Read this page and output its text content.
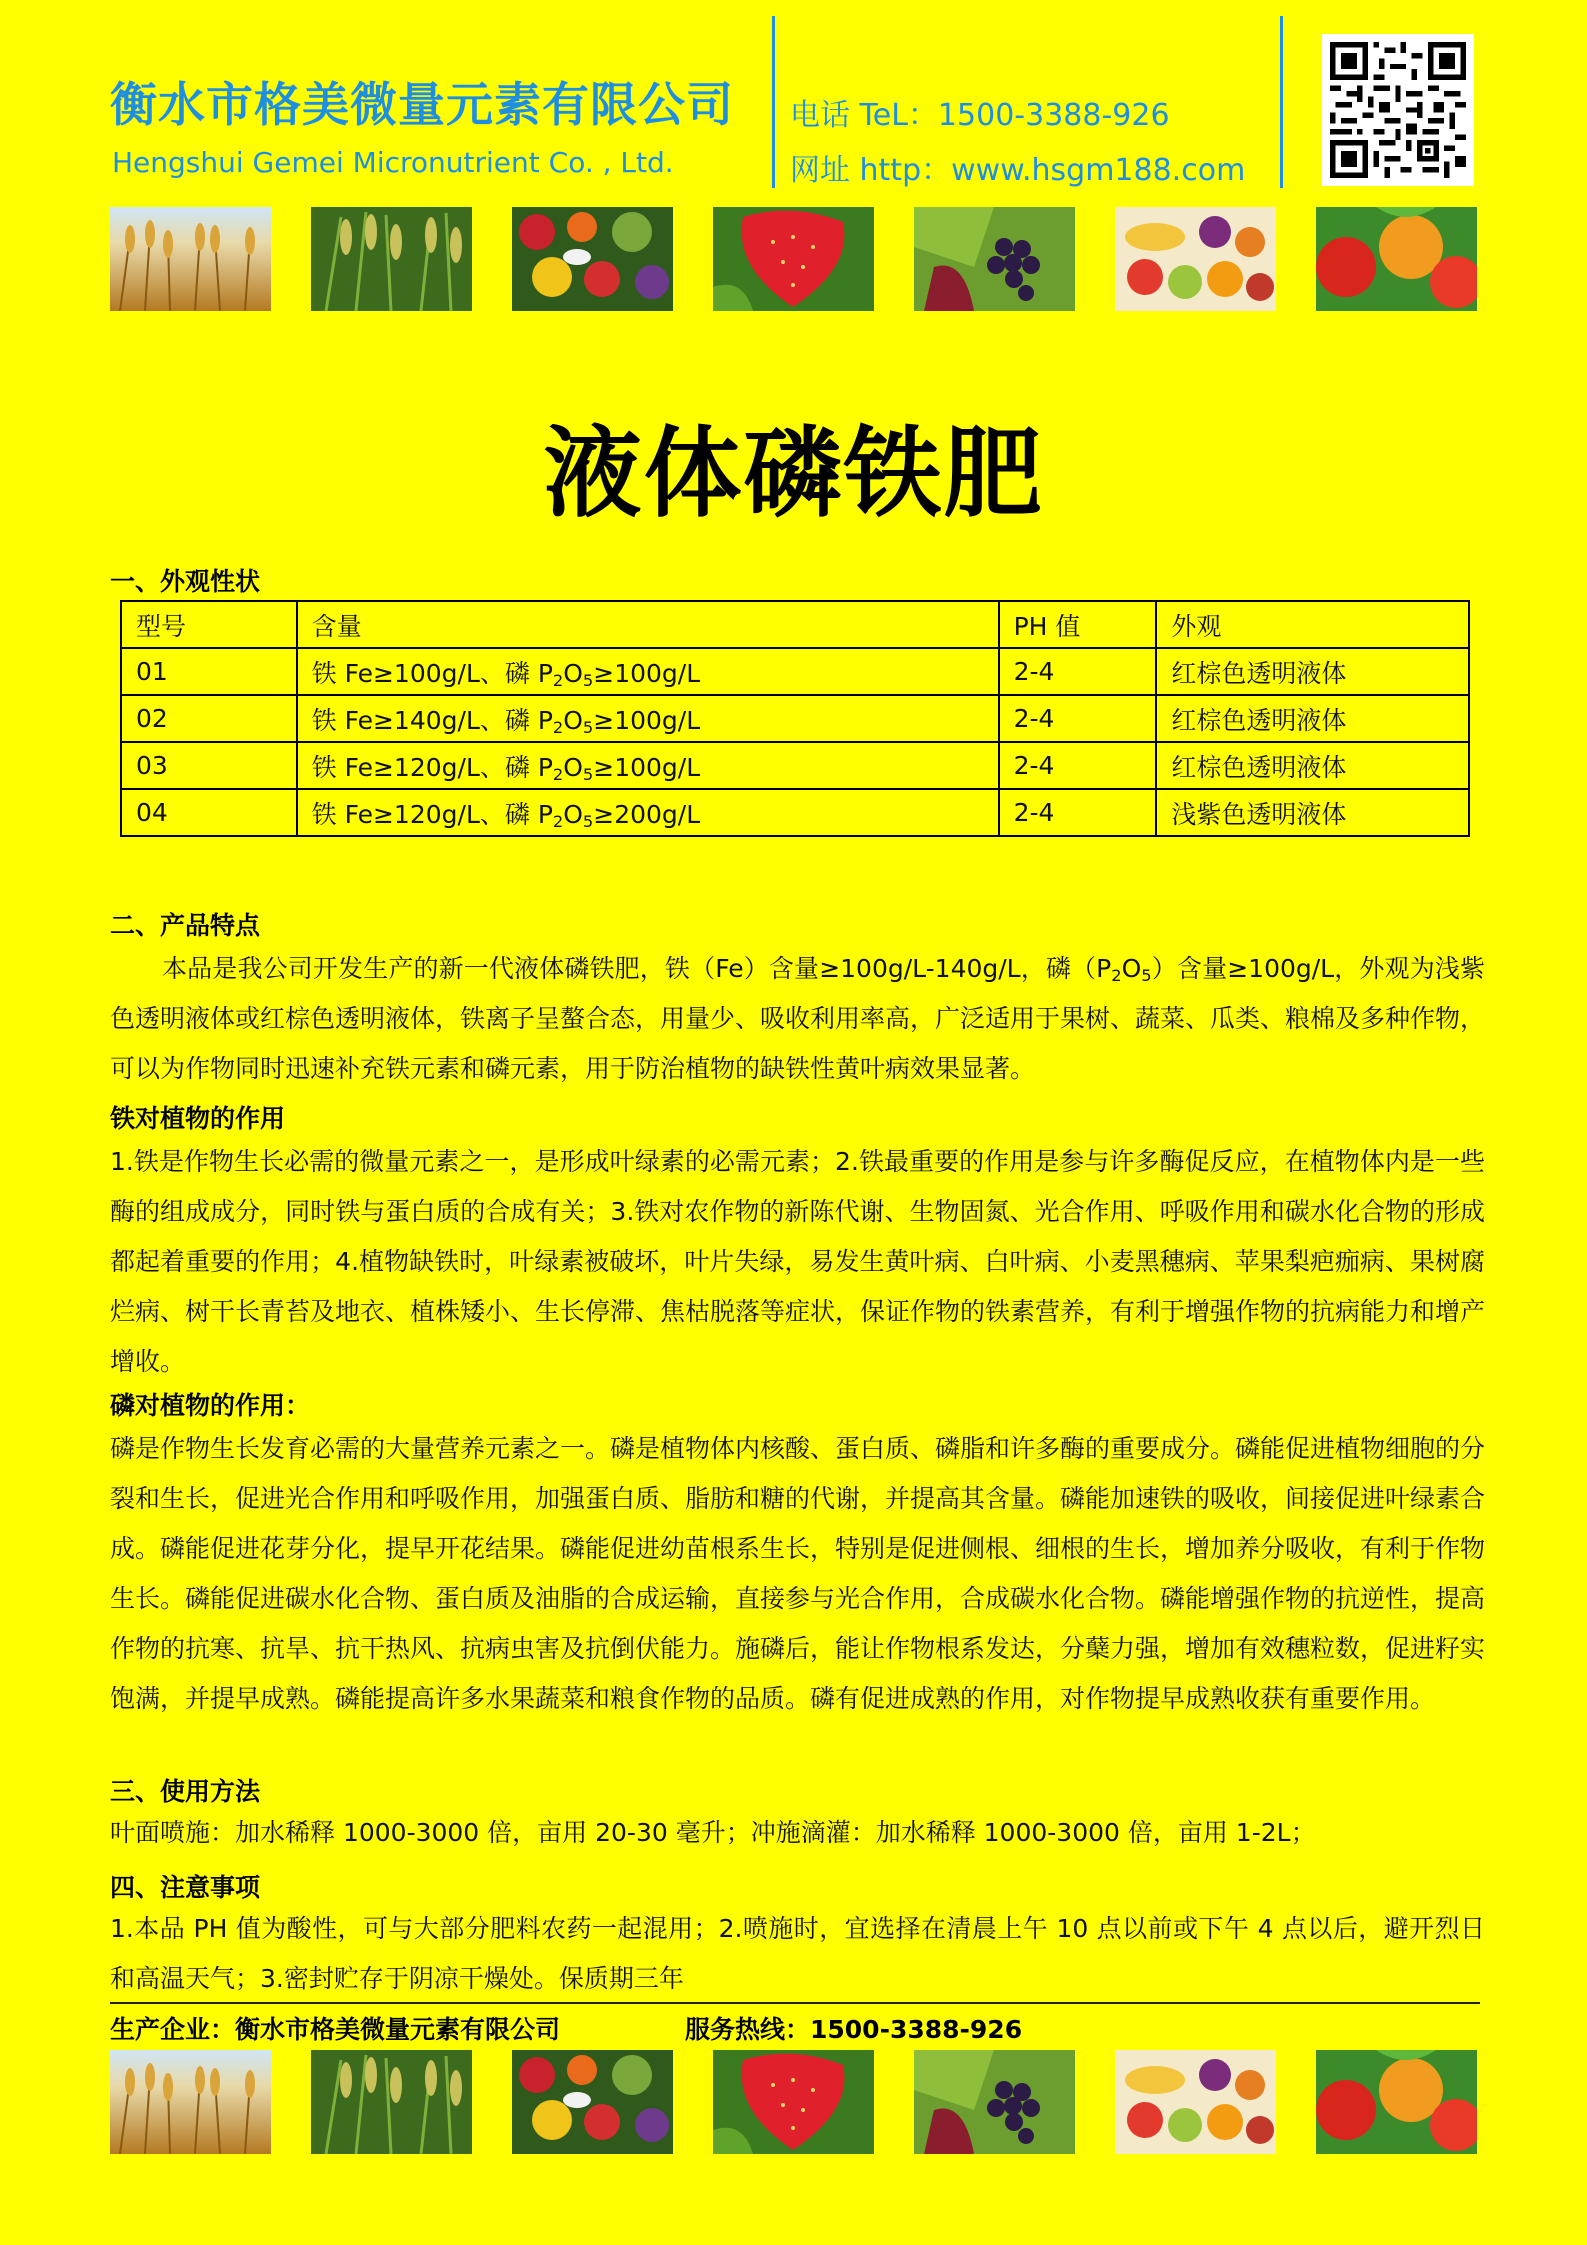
衡水市格美微量元素有限公司
Hengshui Gemei Micronutrient Co. , Ltd.
电话 TeL：1500-3388-926
网址 http：www.hsgm188.com
液体磷铁肥
一、外观性状
型号	含量	PH 值	外观
01	铁 Fe≥100g/L、磷 $P_2O_5\ge 100g/L$	2-4	红棕色透明液体
02	铁 Fe≥140g/L、磷 $P_2O_5\ge 100g/L$	2-4	红棕色透明液体
03	铁 Fe≥120g/L、磷 $P_2O_5\ge 100g/L$	2-4	红棕色透明液体
04	铁 Fe≥120g/L、磷 $P_2O_5\ge 200g/L$	2-4	浅紫色透明液体
二、产品特点
本品是我公司开发生产的新一代液体磷铁肥，铁（Fe）含量≥100g/L-140g/L，磷$(P_2O_5)$含量≥100g/L，外观为浅紫色透明液体或红棕色透明液体，铁离子呈螯合态，用量少、吸收利用率高，广泛适用于果树、蔬菜、瓜类、粮棉及多种作物，可以为作物同时迅速补充铁元素和磷元素，用于防治植物的缺铁性黄叶病效果显著。
铁对植物的作用
1.铁是作物生长必需的微量元素之一，是形成叶绿素的必需元素；2.铁最重要的作用是参与许多酶促反应，在植物体内是一些酶的组成成分，同时铁与蛋白质的合成有关；3.铁对农作物的新陈代谢、生物固氮、光合作用、呼吸作用和碳水化合物的形成都起着重要的作用；4.植物缺铁时，叶绿素被破坏，叶片失绿，易发生黄叶病、白叶病、小麦黑穗病、苹果梨疤痂病、果树腐烂病、树干长青苔及地衣、植株矮小、生长停滞、焦枯脱落等症状，保证作物的铁素营养，有利于增强作物的抗病能力和增产增收。
磷对植物的作用：
磷是作物生长发育必需的大量营养元素之一。磷是植物体内核酸、蛋白质、磷脂和许多酶的重要成分。磷能促进植物细胞的分裂和生长，促进光合作用和呼吸作用，加强蛋白质、脂肪和糖的代谢，并提高其含量。磷能加速铁的吸收，间接促进叶绿素合成。磷能促进花芽分化，提早开花结果。磷能促进幼苗根系生长，特别是促进侧根、细根的生长，增加养分吸收，有利于作物生长。磷能促进碳水化合物、蛋白质及油脂的合成运输，直接参与光合作用，合成碳水化合物。磷能增强作物的抗逆性，提高作物的抗寒、抗旱、抗干热风、抗病虫害及抗倒伏能力。施磷后，能让作物根系发达，分蘖力强，增加有效穗粒数，促进籽实饱满，并提早成熟。磷能提高许多水果蔬菜和粮食作物的品质。磷有促进成熟的作用，对作物提早成熟收获有重要作用。
三、使用方法
叶面喷施：加水稀释 1000-3000 倍，亩用 20-30 毫升；冲施滴灌：加水稀释 1000-3000 倍，亩用 1-2L；
四、注意事项
1.本品 PH 值为酸性，可与大部分肥料农药一起混用；2.喷施时，宜选择在清晨上午 10 点以前或下午 4 点以后，避开烈日和高温天气；3.密封贮存于阴凉干燥处。保质期三年
生产企业：衡水市格美微量元素有限公司	服务热线：1500-3388-926
